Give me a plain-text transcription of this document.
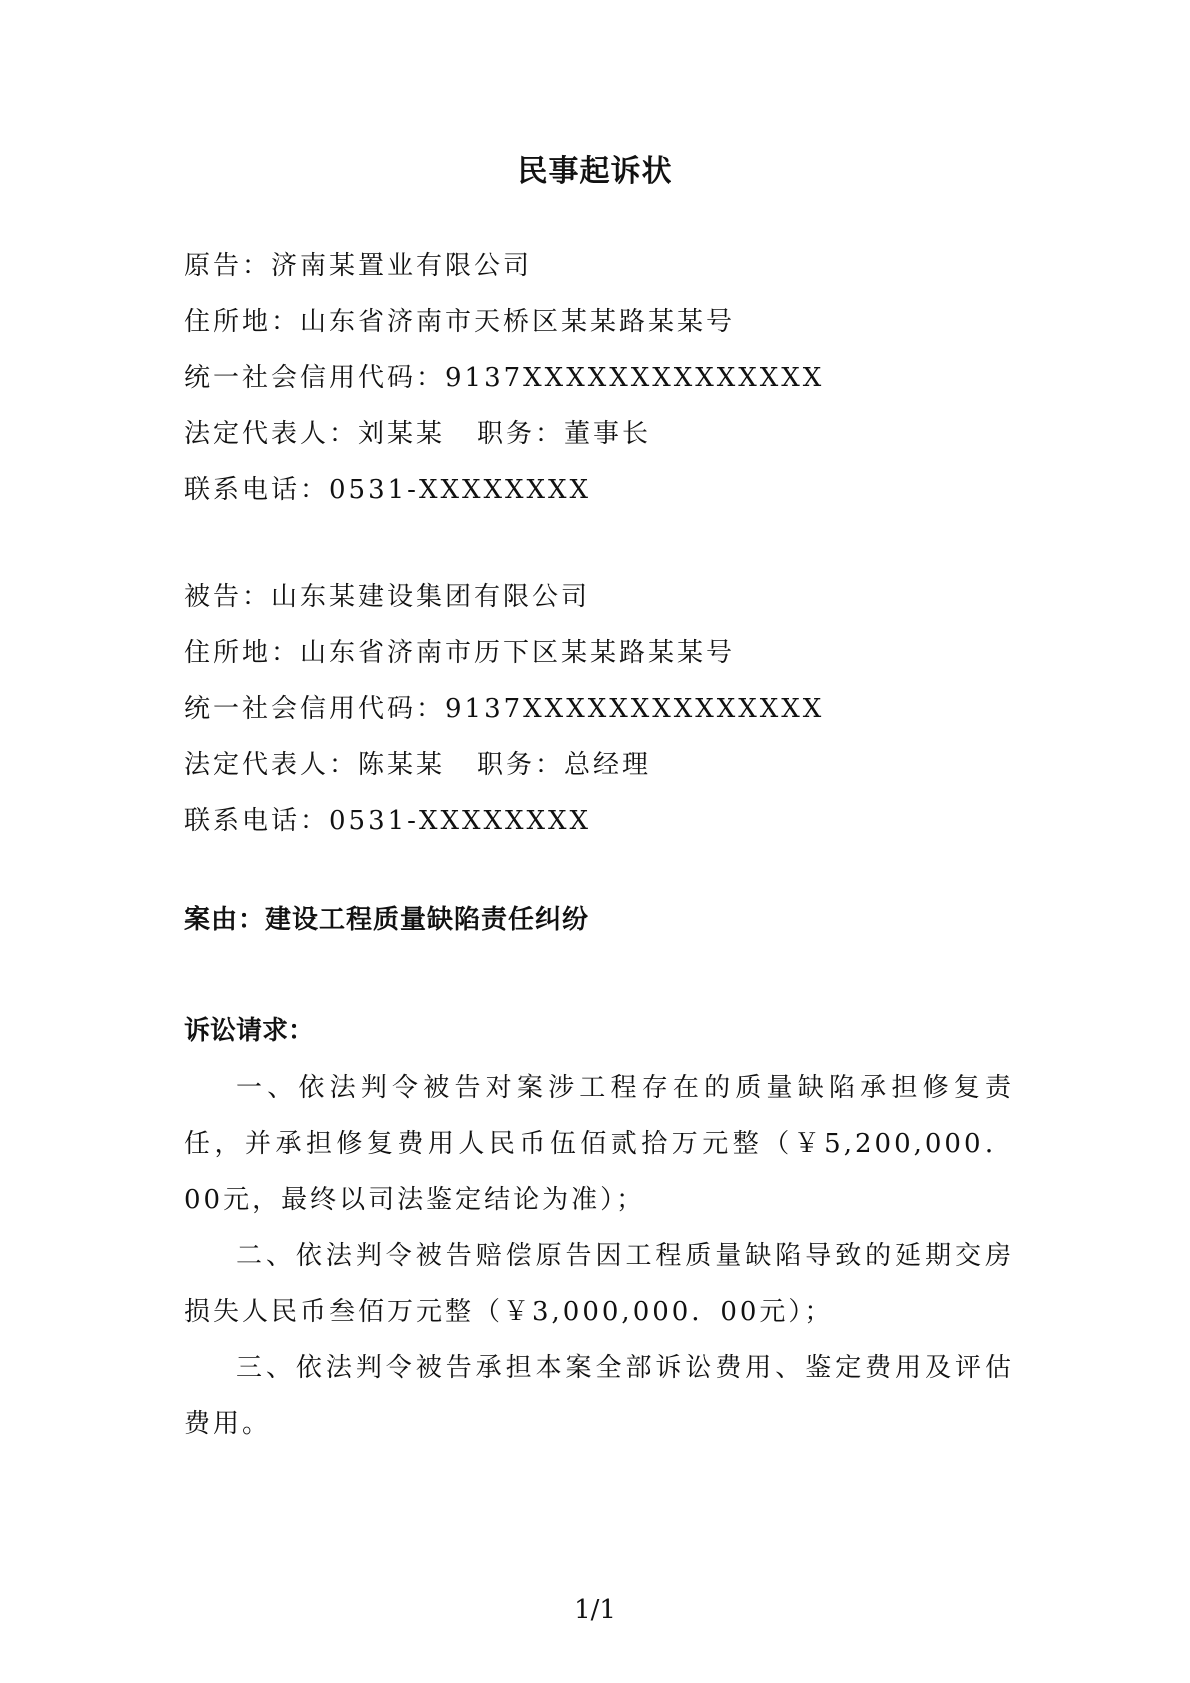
民事起诉状
原告：济南某置业有限公司
住所地：山东省济南市天桥区某某路某某号
统一社会信用代码：9137XXXXXXXXXXXXXX
法定代表人：刘某某 职务：董事长
联系电话：0531-XXXXXXXX
被告：山东某建设集团有限公司
住所地：山东省济南市历下区某某路某某号
统一社会信用代码：9137XXXXXXXXXXXXXX
法定代表人：陈某某 职务：总经理
联系电话：0531-XXXXXXXX
案由：建设工程质量缺陷责任纠纷
诉讼请求：

一、依法判令被告对案涉工程存在的质量缺陷承担修复责任，并承担修复费用人民币伍佰贰拾万元整（￥5,200,000．00元，最终以司法鉴定结论为准）；

二、依法判令被告赔偿原告因工程质量缺陷导致的延期交房损失人民币叁佰万元整（￥3,000,000．00元）；

三、依法判令被告承担本案全部诉讼费用、鉴定费用及评估费用。

1/1
